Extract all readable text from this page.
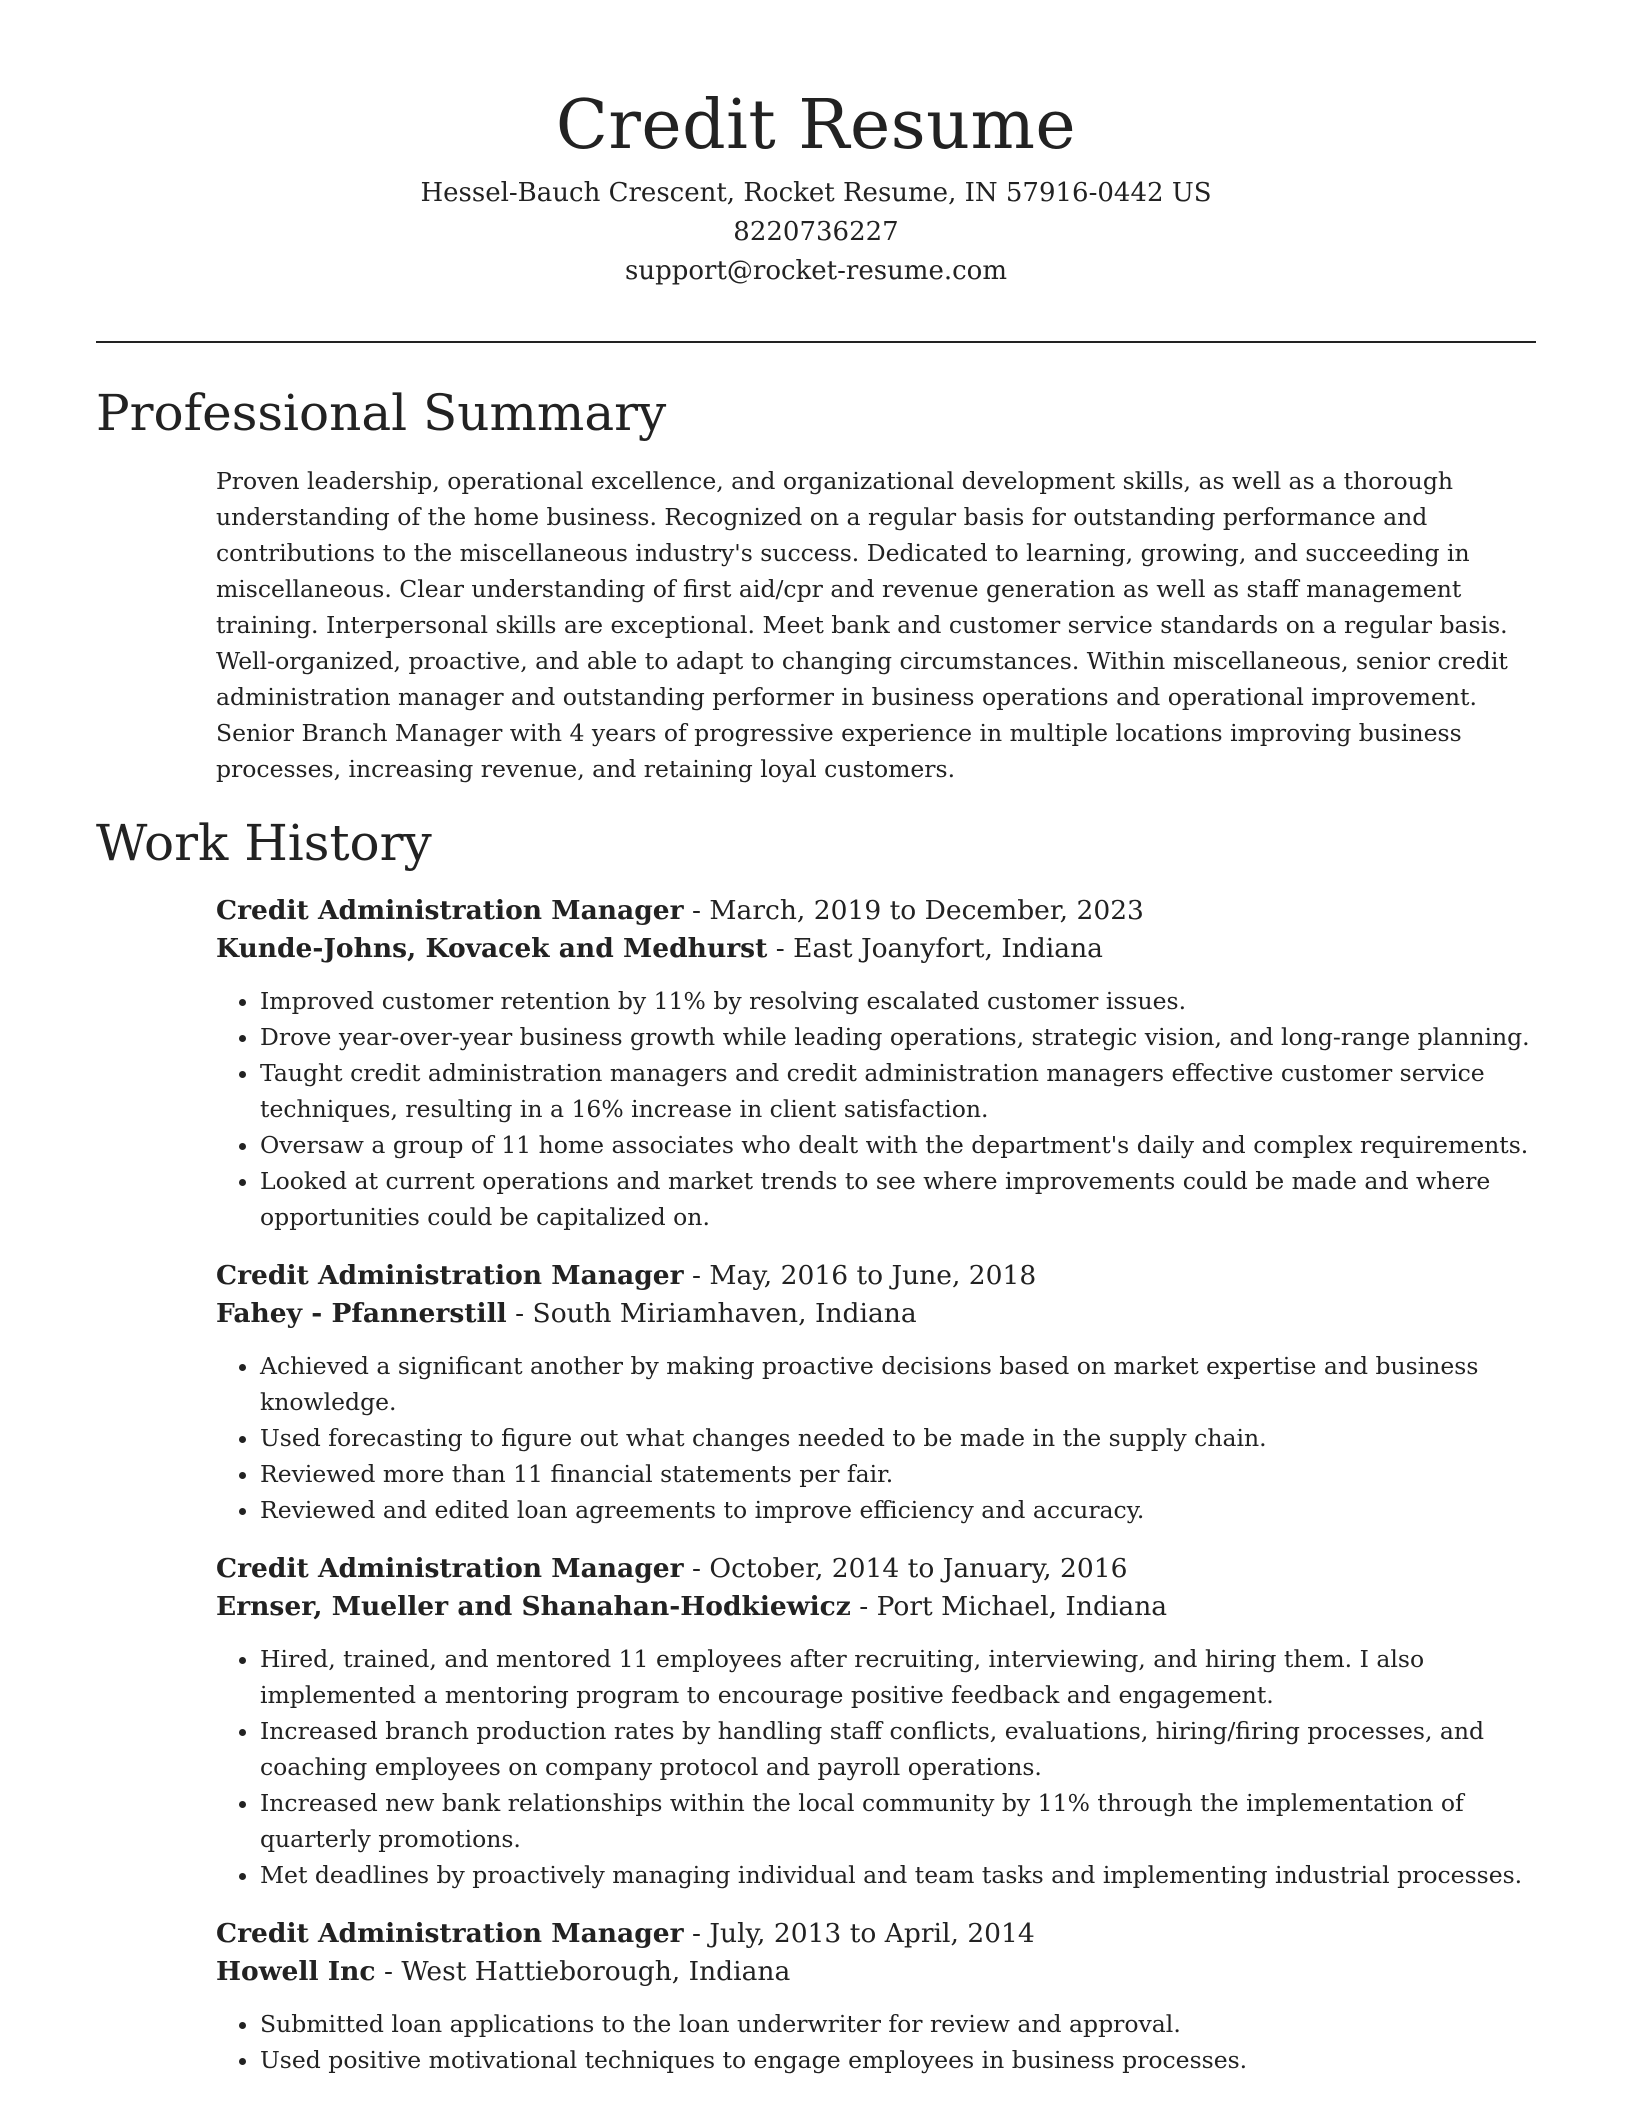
Credit Resume
Hessel-Bauch Crescent, Rocket Resume, IN 57916-0442 US
8220736227
support@rocket-resume.com
Professional Summary

Proven leadership, operational excellence, and organizational development skills, as well as a thorough understanding of the home business. Recognized on a regular basis for outstanding performance and contributions to the miscellaneous industry's success. Dedicated to learning, growing, and succeeding in miscellaneous. Clear understanding of first aid/cpr and revenue generation as well as staff management training. Interpersonal skills are exceptional. Meet bank and customer service standards on a regular basis. Well-organized, proactive, and able to adapt to changing circumstances. Within miscellaneous, senior credit administration manager and outstanding performer in business operations and operational improvement. Senior Branch Manager with 4 years of progressive experience in multiple locations improving business processes, increasing revenue, and retaining loyal customers.

Work History
Credit Administration Manager - March, 2019 to December, 2023
Kunde-Johns, Kovacek and Medhurst - East Joanyfort, Indiana
• Improved customer retention by 11% by resolving escalated customer issues.
• Drove year-over-year business growth while leading operations, strategic vision, and long-range planning.
• Taught credit administration managers and credit administration managers effective customer service techniques, resulting in a 16% increase in client satisfaction.
• Oversaw a group of 11 home associates who dealt with the department's daily and complex requirements.
• Looked at current operations and market trends to see where improvements could be made and where opportunities could be capitalized on.
Credit Administration Manager - May, 2016 to June, 2018
Fahey - Pfannerstill - South Miriamhaven, Indiana
• Achieved a significant another by making proactive decisions based on market expertise and business knowledge.
• Used forecasting to figure out what changes needed to be made in the supply chain.
• Reviewed more than 11 financial statements per fair.
• Reviewed and edited loan agreements to improve efficiency and accuracy.
Credit Administration Manager - October, 2014 to January, 2016
Ernser, Mueller and Shanahan-Hodkiewicz - Port Michael, Indiana
• Hired, trained, and mentored 11 employees after recruiting, interviewing, and hiring them. I also implemented a mentoring program to encourage positive feedback and engagement.
• Increased branch production rates by handling staff conflicts, evaluations, hiring/firing processes, and coaching employees on company protocol and payroll operations.
• Increased new bank relationships within the local community by 11% through the implementation of quarterly promotions.
• Met deadlines by proactively managing individual and team tasks and implementing industrial processes.
Credit Administration Manager - July, 2013 to April, 2014
Howell Inc - West Hattieborough, Indiana
• Submitted loan applications to the loan underwriter for review and approval.
• Used positive motivational techniques to engage employees in business processes.
